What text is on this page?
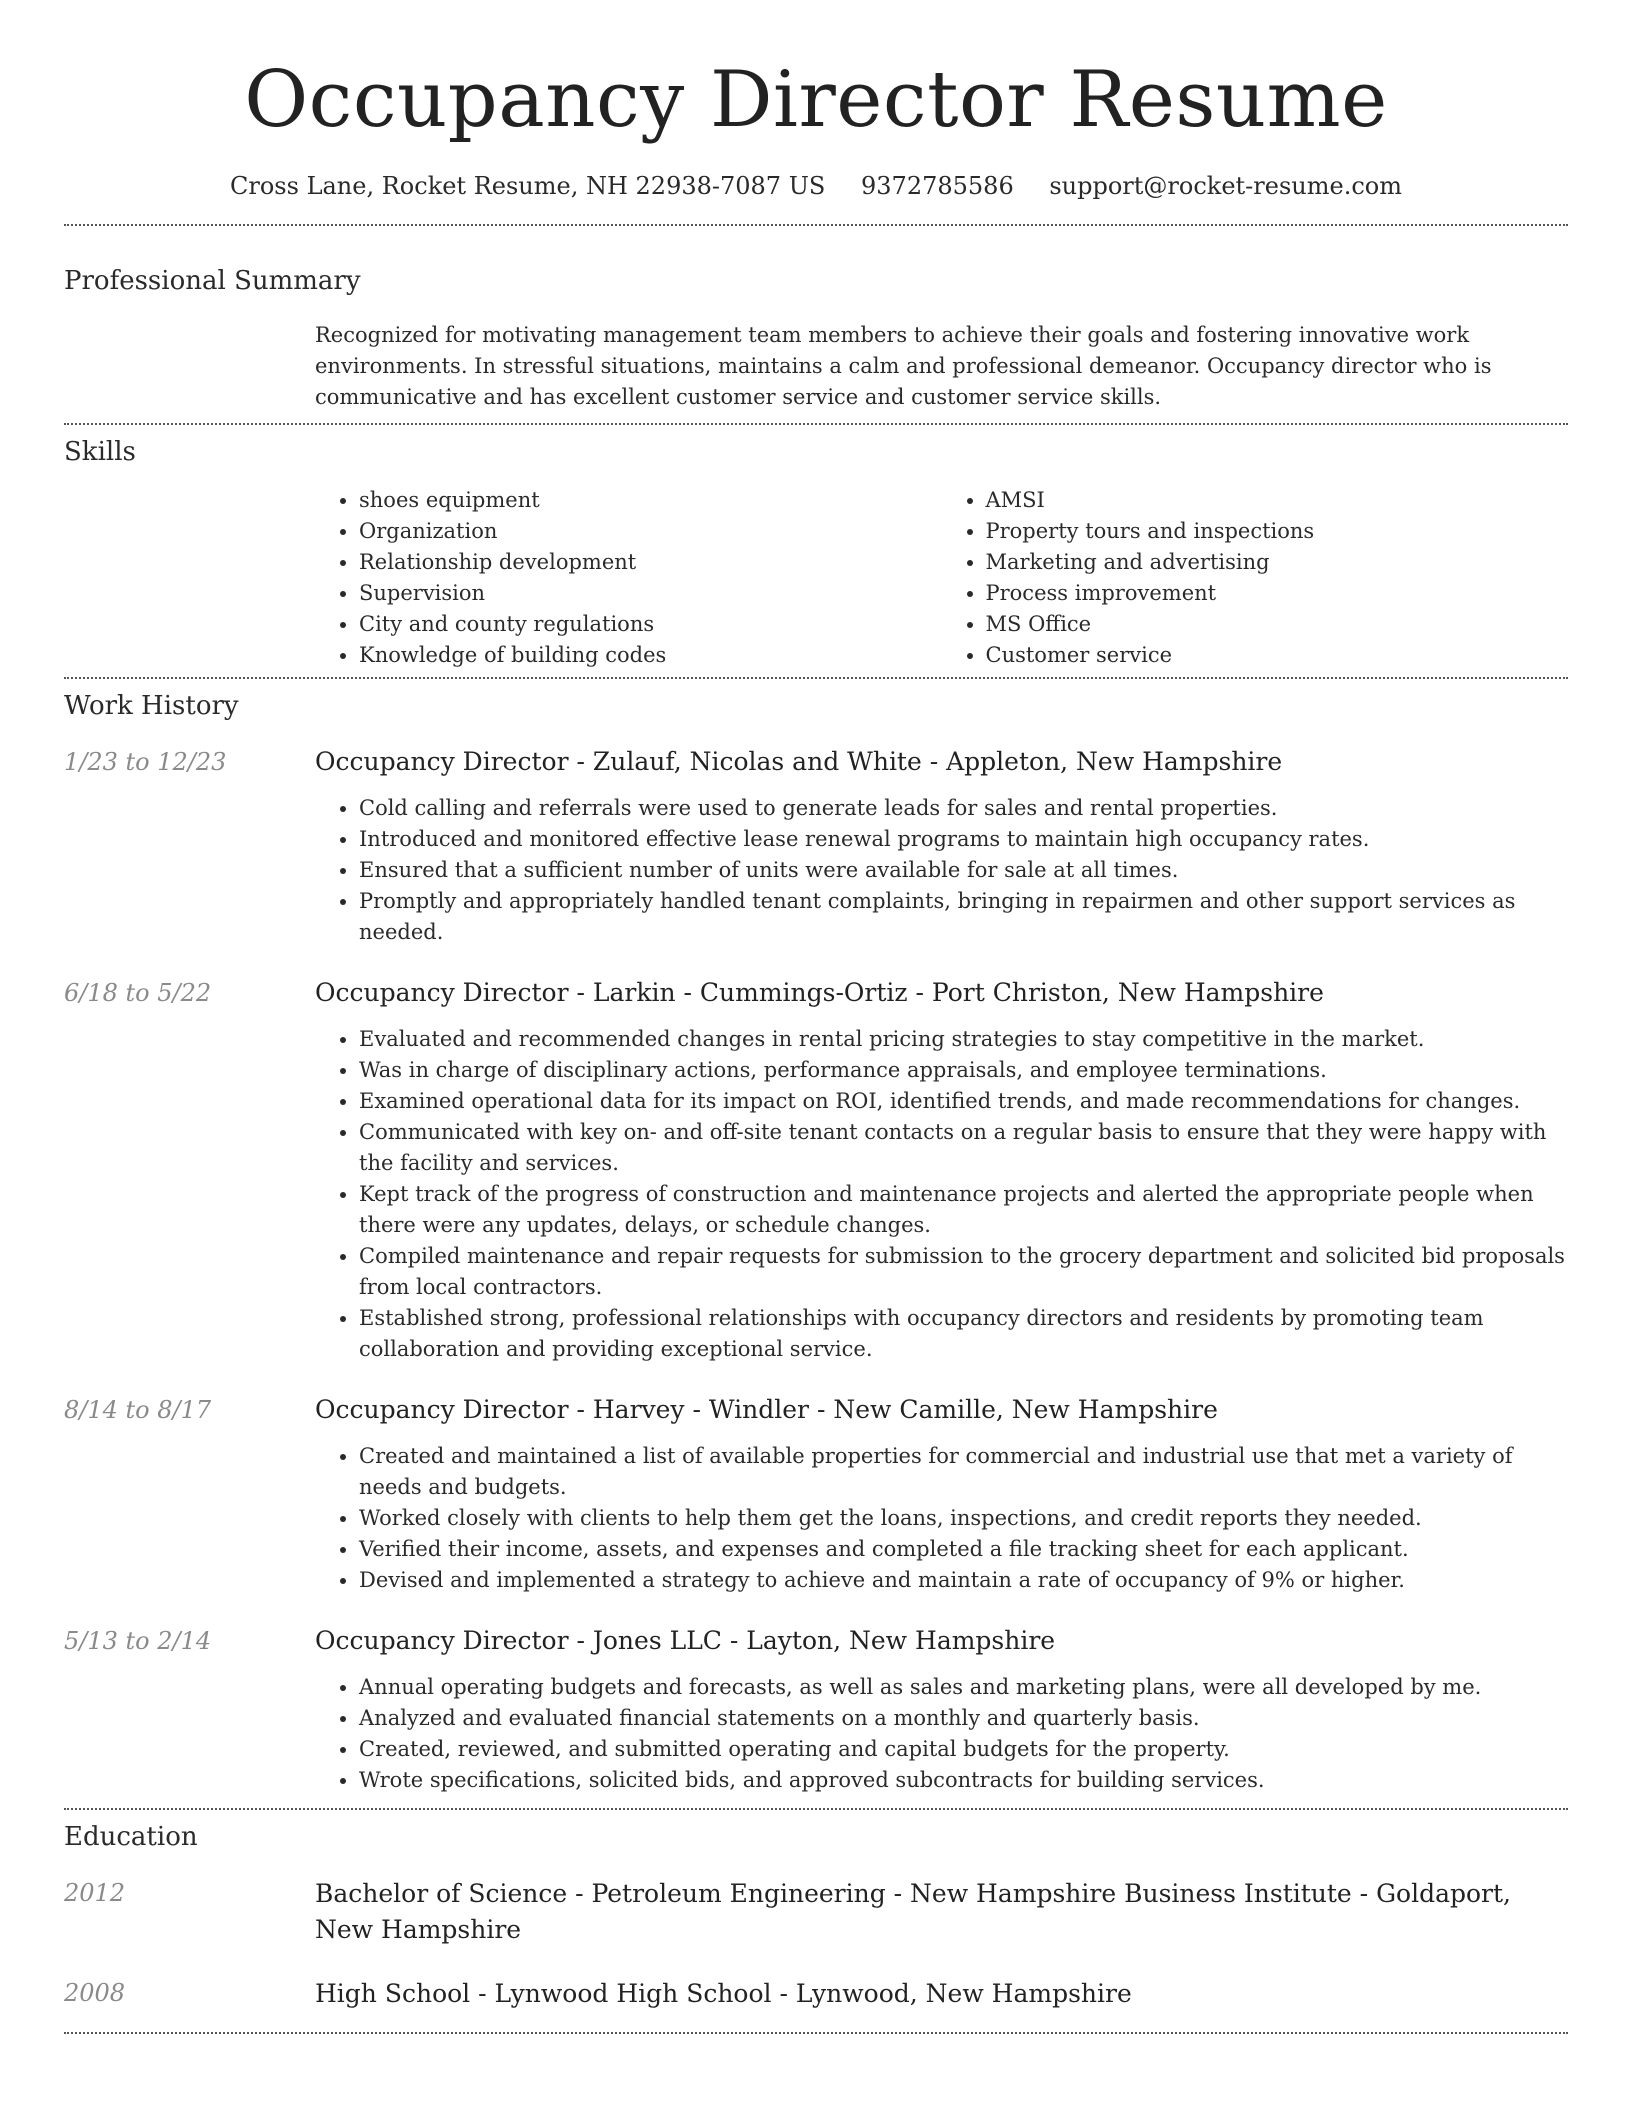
Occupancy Director Resume
Cross Lane, Rocket Resume, NH 22938-7087 US 9372785586 support@rocket-resume.com
Professional Summary
Recognized for motivating management team members to achieve their goals and fostering innovative work environments. In stressful situations, maintains a calm and professional demeanor. Occupancy director who is communicative and has excellent customer service and customer service skills.
Skills
• shoes equipment
• Organization
• Relationship development
• Supervision
• City and county regulations
• Knowledge of building codes
• AMSI
• Property tours and inspections
• Marketing and advertising
• Process improvement
• MS Office
• Customer service
Work History
1/23 to 12/23	Occupancy Director - Zulauf, Nicolas and White - Appleton, New Hampshire
• Cold calling and referrals were used to generate leads for sales and rental properties.
• Introduced and monitored effective lease renewal programs to maintain high occupancy rates.
• Ensured that a sufficient number of units were available for sale at all times.
• Promptly and appropriately handled tenant complaints, bringing in repairmen and other support services as needed.
6/18 to 5/22	Occupancy Director - Larkin - Cummings-Ortiz - Port Christon, New Hampshire
• Evaluated and recommended changes in rental pricing strategies to stay competitive in the market.
• Was in charge of disciplinary actions, performance appraisals, and employee terminations.
• Examined operational data for its impact on ROI, identified trends, and made recommendations for changes.
• Communicated with key on- and off-site tenant contacts on a regular basis to ensure that they were happy with the facility and services.
• Kept track of the progress of construction and maintenance projects and alerted the appropriate people when there were any updates, delays, or schedule changes.
• Compiled maintenance and repair requests for submission to the grocery department and solicited bid proposals from local contractors.
• Established strong, professional relationships with occupancy directors and residents by promoting team collaboration and providing exceptional service.
8/14 to 8/17	Occupancy Director - Harvey - Windler - New Camille, New Hampshire
• Created and maintained a list of available properties for commercial and industrial use that met a variety of needs and budgets.
• Worked closely with clients to help them get the loans, inspections, and credit reports they needed.
• Verified their income, assets, and expenses and completed a file tracking sheet for each applicant.
• Devised and implemented a strategy to achieve and maintain a rate of occupancy of 9% or higher.
5/13 to 2/14	Occupancy Director - Jones LLC - Layton, New Hampshire
• Annual operating budgets and forecasts, as well as sales and marketing plans, were all developed by me.
• Analyzed and evaluated financial statements on a monthly and quarterly basis.
• Created, reviewed, and submitted operating and capital budgets for the property.
• Wrote specifications, solicited bids, and approved subcontracts for building services.
Education
2012	Bachelor of Science - Petroleum Engineering - New Hampshire Business Institute - Goldaport, New Hampshire
2008	High School - Lynwood High School - Lynwood, New Hampshire
